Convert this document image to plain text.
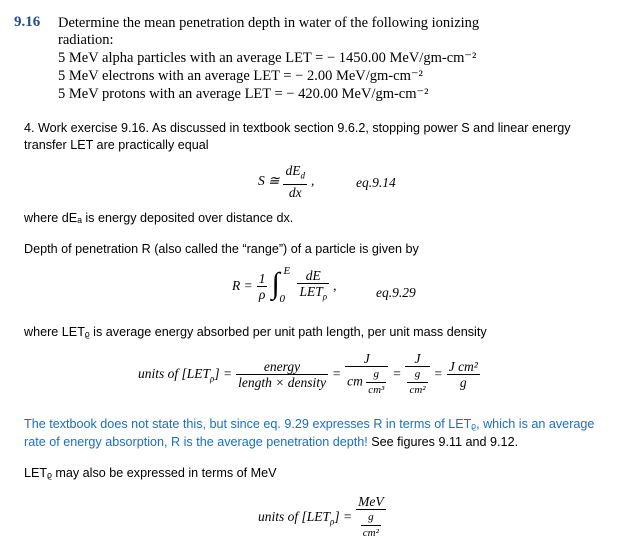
9.16 Determine the mean penetration depth in water of the following ionizing
radiation:
5 MeV alpha particles with an average LET = − 1450.00 MeV/gm-cm⁻²
5 MeV electrons with an average LET = − 2.00 MeV/gm-cm⁻²
5 MeV protons with an average LET = − 420.00 MeV/gm-cm⁻²
4. Work exercise 9.16. As discussed in textbook section 9.6.2, stopping power S and linear energy
transfer LET are practically equal
S ≅ $\frac{dE_d}{dx}$ ,	eq.9.14
where dEₐ is energy deposited over distance dx.
Depth of penetration R (also called the “range”) of a particle is given by
$R = \frac{1}{\rho}$
∫ E
0
$\frac{dE}{LET_\rho}$ ,	eq.9.29
where LETᵨ is average energy absorbed per unit path length, per unit mass density
units of $[LET_\rho] = \frac{\text{energy}}{\text{length × density}} = \frac{J}{cm \frac{g}{\text{cm³}}} = \frac{J}{\frac{g}{\text{cm²}}} = \frac{\text{J cm²}}{g}$
The textbook does not state this, but since eq. 9.29 expresses R in terms of LETᵨ, which is an average
rate of energy absorption, R is the average penetration depth! See figures 9.11 and 9.12.
LETᵨ may also be expressed in terms of MeV
units of $[LET_\rho] = \frac{\text{MeV}}{\frac{g}{\text{cm²}}}$
